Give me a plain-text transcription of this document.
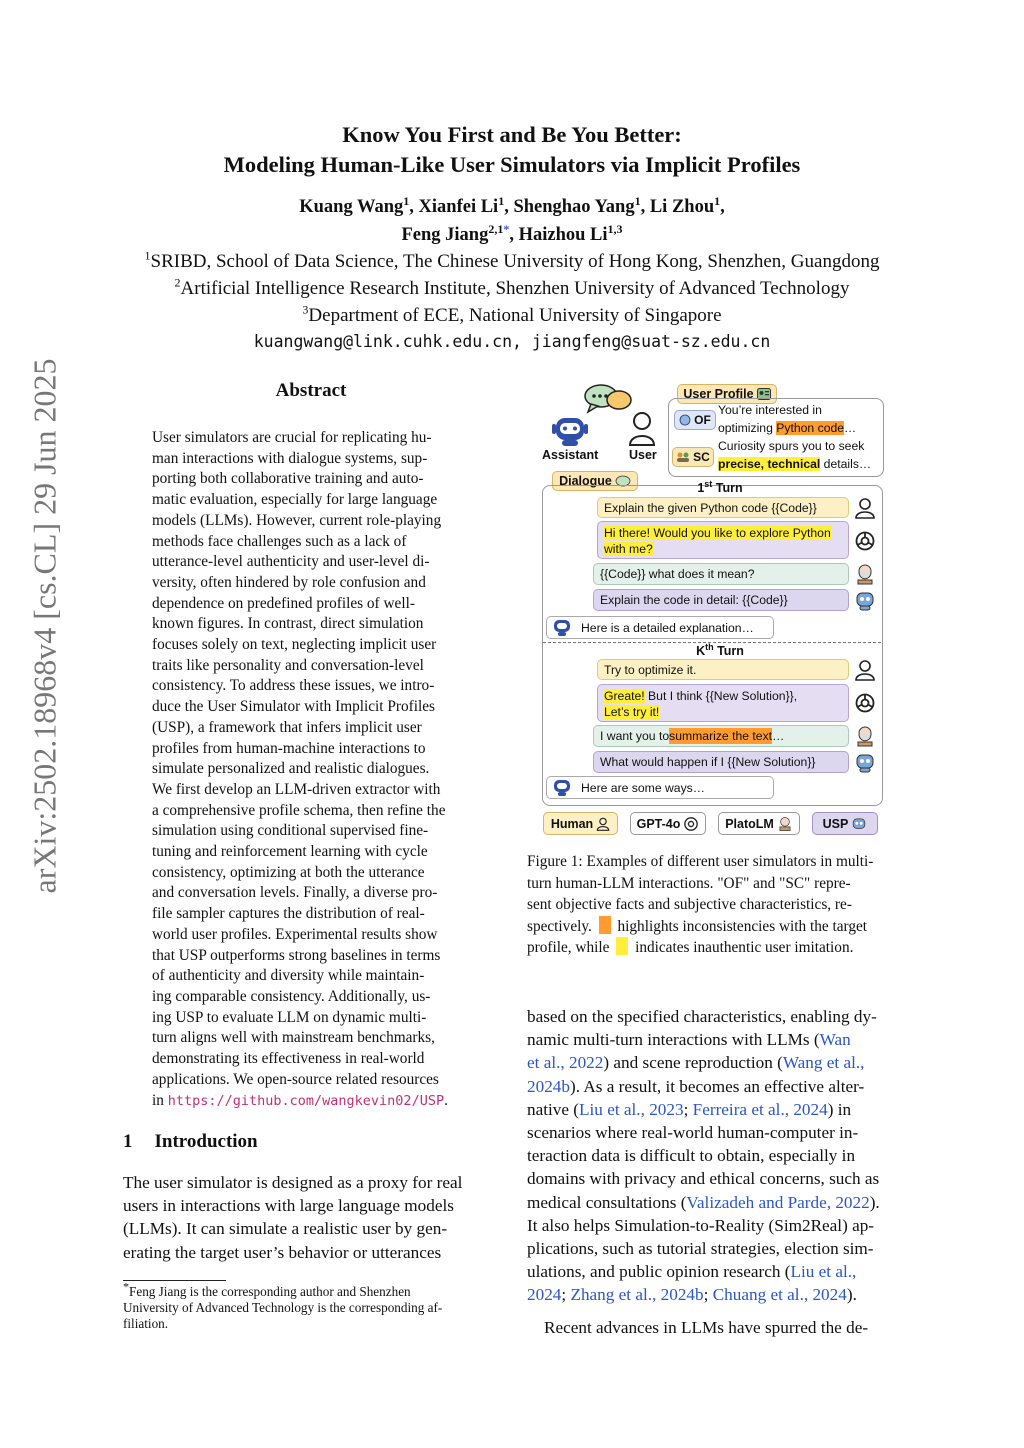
Know You First and Be You Better:
Modeling Human-Like User Simulators via Implicit Profiles
Kuang Wang$^1$, Xianfei Li$^1$, Shenghao Yang$^1$, Li Zhou$^1$,
Feng Jiang$^{2,1*}$, Haizhou Li$^{1,3}$
$^1$SRIBD, School of Data Science, The Chinese University of Hong Kong, Shenzhen, Guangdong
$^2$Artificial Intelligence Research Institute, Shenzhen University of Advanced Technology
$^3$Department of ECE, National University of Singapore
kuangwang@link.cuhk.edu.cn, jiangfeng@suat-sz.edu.cn
arXiv:2502.18968v4 [cs.CL] 29 Jun 2025	Abstract
User simulators are crucial for replicating hu-
man interactions with dialogue systems, sup-
porting both collaborative training and auto-
matic evaluation, especially for large language
models (LLMs). However, current role-playing
methods face challenges such as a lack of
utterance-level authenticity and user-level di-
versity, often hindered by role confusion and
dependence on predefined profiles of well-
known figures. In contrast, direct simulation
focuses solely on text, neglecting implicit user
traits like personality and conversation-level
consistency. To address these issues, we intro-
duce the User Simulator with Implicit Profiles
(USP), a framework that infers implicit user
profiles from human-machine interactions to
simulate personalized and realistic dialogues.
We first develop an LLM-driven extractor with
a comprehensive profile schema, then refine the
simulation using conditional supervised fine-
tuning and reinforcement learning with cycle
consistency, optimizing at both the utterance
and conversation levels. Finally, a diverse pro-
file sampler captures the distribution of real-
world user profiles. Experimental results show
that USP outperforms strong baselines in terms
of authenticity and diversity while maintain-
ing comparable consistency. Additionally, us-
ing USP to evaluate LLM on dynamic multi-
turn aligns well with mainstream benchmarks,
demonstrating its effectiveness in real-world
applications. We open-source related resources
in https://github.com/wangkevin02/USP.
1 Introduction
The user simulator is designed as a proxy for real
users in interactions with large language models
(LLMs). It can simulate a realistic user by gen-
erating the target user’s behavior or utterances
*Feng Jiang is the corresponding author and Shenzhen
University of Advanced Technology is the corresponding af-
filiation.
Assistant User
User Profile
OF
You’re interested in
optimizing Python code…
SC
Curiosity spurs you to seek
precise, technical details…
Dialogue	1st Turn
Explain the given Python code {{Code}}
Hi there! Would you like to explore Python
with me?
{{Code}} what does it mean?
Explain the code in detail: {{Code}}
Here is a detailed explanation…
$K^{th}$ Turn
Try to optimize it.
Greate! But I think {{New Solution}},
Let’s try it!
I want you to summarize the text …
What would happen if I {{New Solution}}
Here are some ways…
Human	GPT-4o	PlatoLM	USP
Figure 1: Examples of different user simulators in multi-
turn human-LLM interactions. "OF" and "SC" repre-
sent objective facts and subjective characteristics, re-
spectively. highlights inconsistencies with the target
profile, while indicates inauthentic user imitation.
based on the specified characteristics, enabling dy-
namic multi-turn interactions with LLMs (Wan
et al., 2022) and scene reproduction (Wang et al.,
2024b). As a result, it becomes an effective alter-
native (Liu et al., 2023; Ferreira et al., 2024) in
scenarios where real-world human-computer in-
teraction data is difficult to obtain, especially in
domains with privacy and ethical concerns, such as
medical consultations (Valizadeh and Parde, 2022).
It also helps Simulation-to-Reality (Sim2Real) ap-
plications, such as tutorial strategies, election sim-
ulations, and public opinion research (Liu et al.,
2024; Zhang et al., 2024b; Chuang et al., 2024).
Recent advances in LLMs have spurred the de-
